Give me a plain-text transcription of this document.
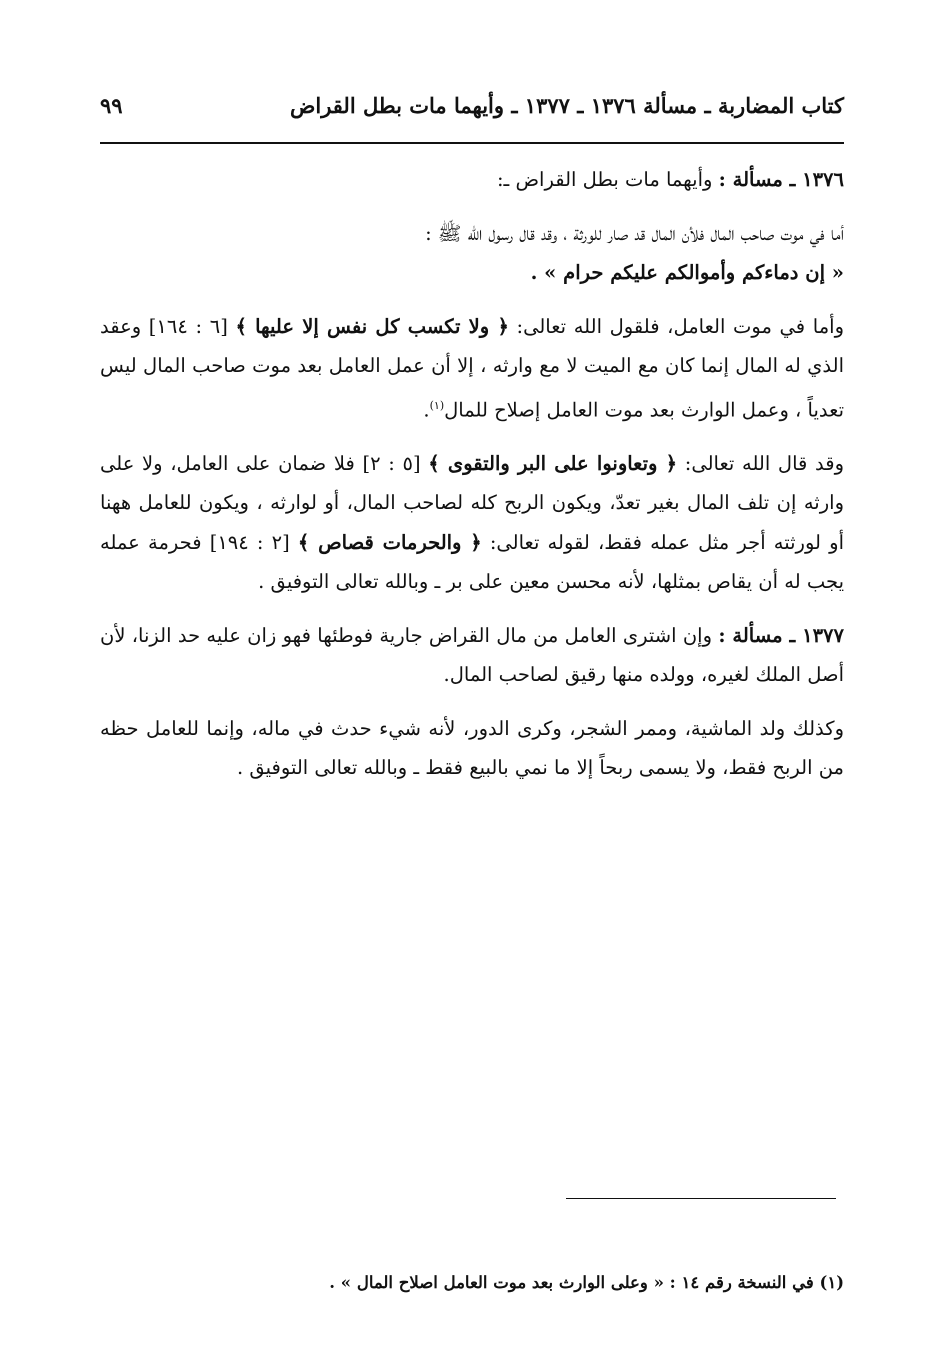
كتاب المضاربة ـ مسألة ١٣٧٦ ـ ١٣٧٧ ـ وأيهما مات بطل القراض
٩٩

١٣٧٦ ـ مسألة : وأيهما مات بطل القراض ـ:

أما في موت صاحب المال فلأن المال قد صار للورثة ، وقد قال رسول الله ﷺ :
« إن دماءكم وأموالكم عليكم حرام » .

وأما في موت العامل، فلقول الله تعالى: ﴿ ولا تكسب كل نفس إلا عليها ﴾ [٦ : ١٦٤] وعقد الذي له المال إنما كان مع الميت لا مع وارثه ، إلا أن عمل العامل بعد موت صاحب المال ليس تعدياً ، وعمل الوارث بعد موت العامل إصلاح للمال$^{(١)}$.

وقد قال الله تعالى: ﴿ وتعاونوا على البر والتقوى ﴾ [٥ : ٢] فلا ضمان على العامل، ولا على وارثه إن تلف المال بغير تعدّ، ويكون الربح كله لصاحب المال، أو لوارثه ، ويكون للعامل ههنا أو لورثته أجر مثل عمله فقط، لقوله تعالى: ﴿ والحرمات قصاص ﴾ [٢ : ١٩٤] فحرمة عمله يجب له أن يقاص بمثلها، لأنه محسن معين على بر ـ وبالله تعالى التوفيق .

١٣٧٧ ـ مسألة : وإن اشترى العامل من مال القراض جارية فوطئها فهو زان عليه حد الزنا، لأن أصل الملك لغيره، وولده منها رقيق لصاحب المال.

وكذلك ولد الماشية، وممر الشجر، وكرى الدور، لأنه شيء حدث في ماله، وإنما للعامل حظه من الربح فقط، ولا يسمى ربحاً إلا ما نمي بالبيع فقط ـ وبالله تعالى التوفيق .

(١) في النسخة رقم ١٤ : « وعلى الوارث بعد موت العامل اصلاح المال » .
